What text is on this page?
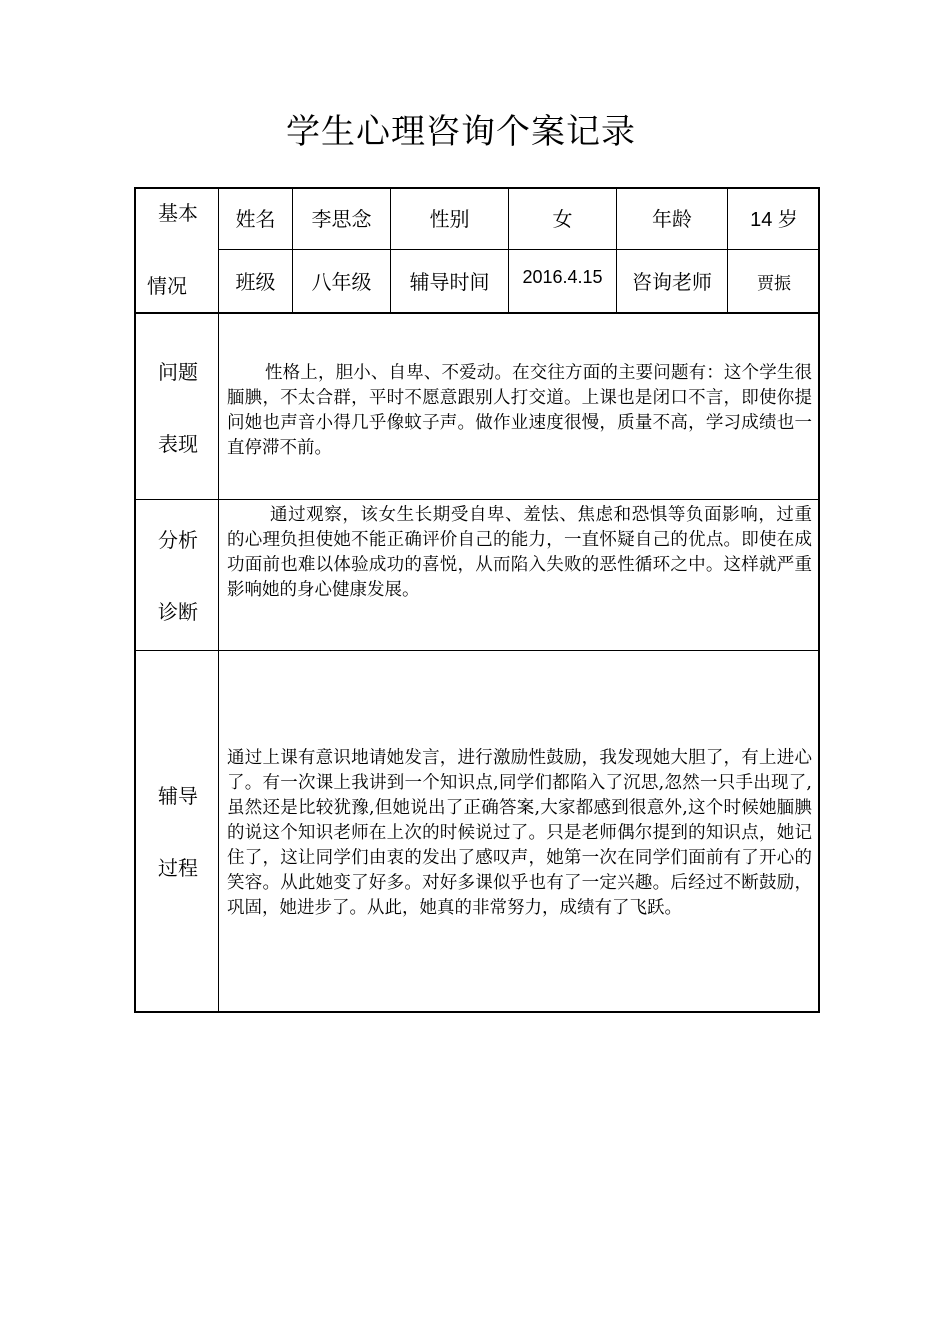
学生心理咨询个案记录
基本
情况
姓名	李思念	性别	女	年龄	14 岁
班级	八年级	辅导时间	2016.4.15	咨询老师	贾振
问题
表现
性格上，胆小、自卑、不爱动。在交往方面的主要问题有：这个学生很腼腆，不太合群，平时不愿意跟别人打交道。上课也是闭口不言，即使你提问她也声音小得几乎像蚊子声。做作业速度很慢，质量不高，学习成绩也一直停滞不前。
分析
诊断
通过观察，该女生长期受自卑、羞怯、焦虑和恐惧等负面影响，过重的心理负担使她不能正确评价自己的能力，一直怀疑自己的优点。即使在成功面前也难以体验成功的喜悦，从而陷入失败的恶性循环之中。这样就严重影响她的身心健康发展。
辅导
过程
通过上课有意识地请她发言，进行激励性鼓励，我发现她大胆了，有上进心了。有一次课上我讲到一个知识点,同学们都陷入了沉思,忽然一只手出现了,虽然还是比较犹豫,但她说出了正确答案,大家都感到很意外,这个时候她腼腆的说这个知识老师在上次的时候说过了。只是老师偶尔提到的知识点，她记住了，这让同学们由衷的发出了感叹声，她第一次在同学们面前有了开心的笑容。从此她变了好多。对好多课似乎也有了一定兴趣。后经过不断鼓励，巩固，她进步了。从此，她真的非常努力，成绩有了飞跃。
